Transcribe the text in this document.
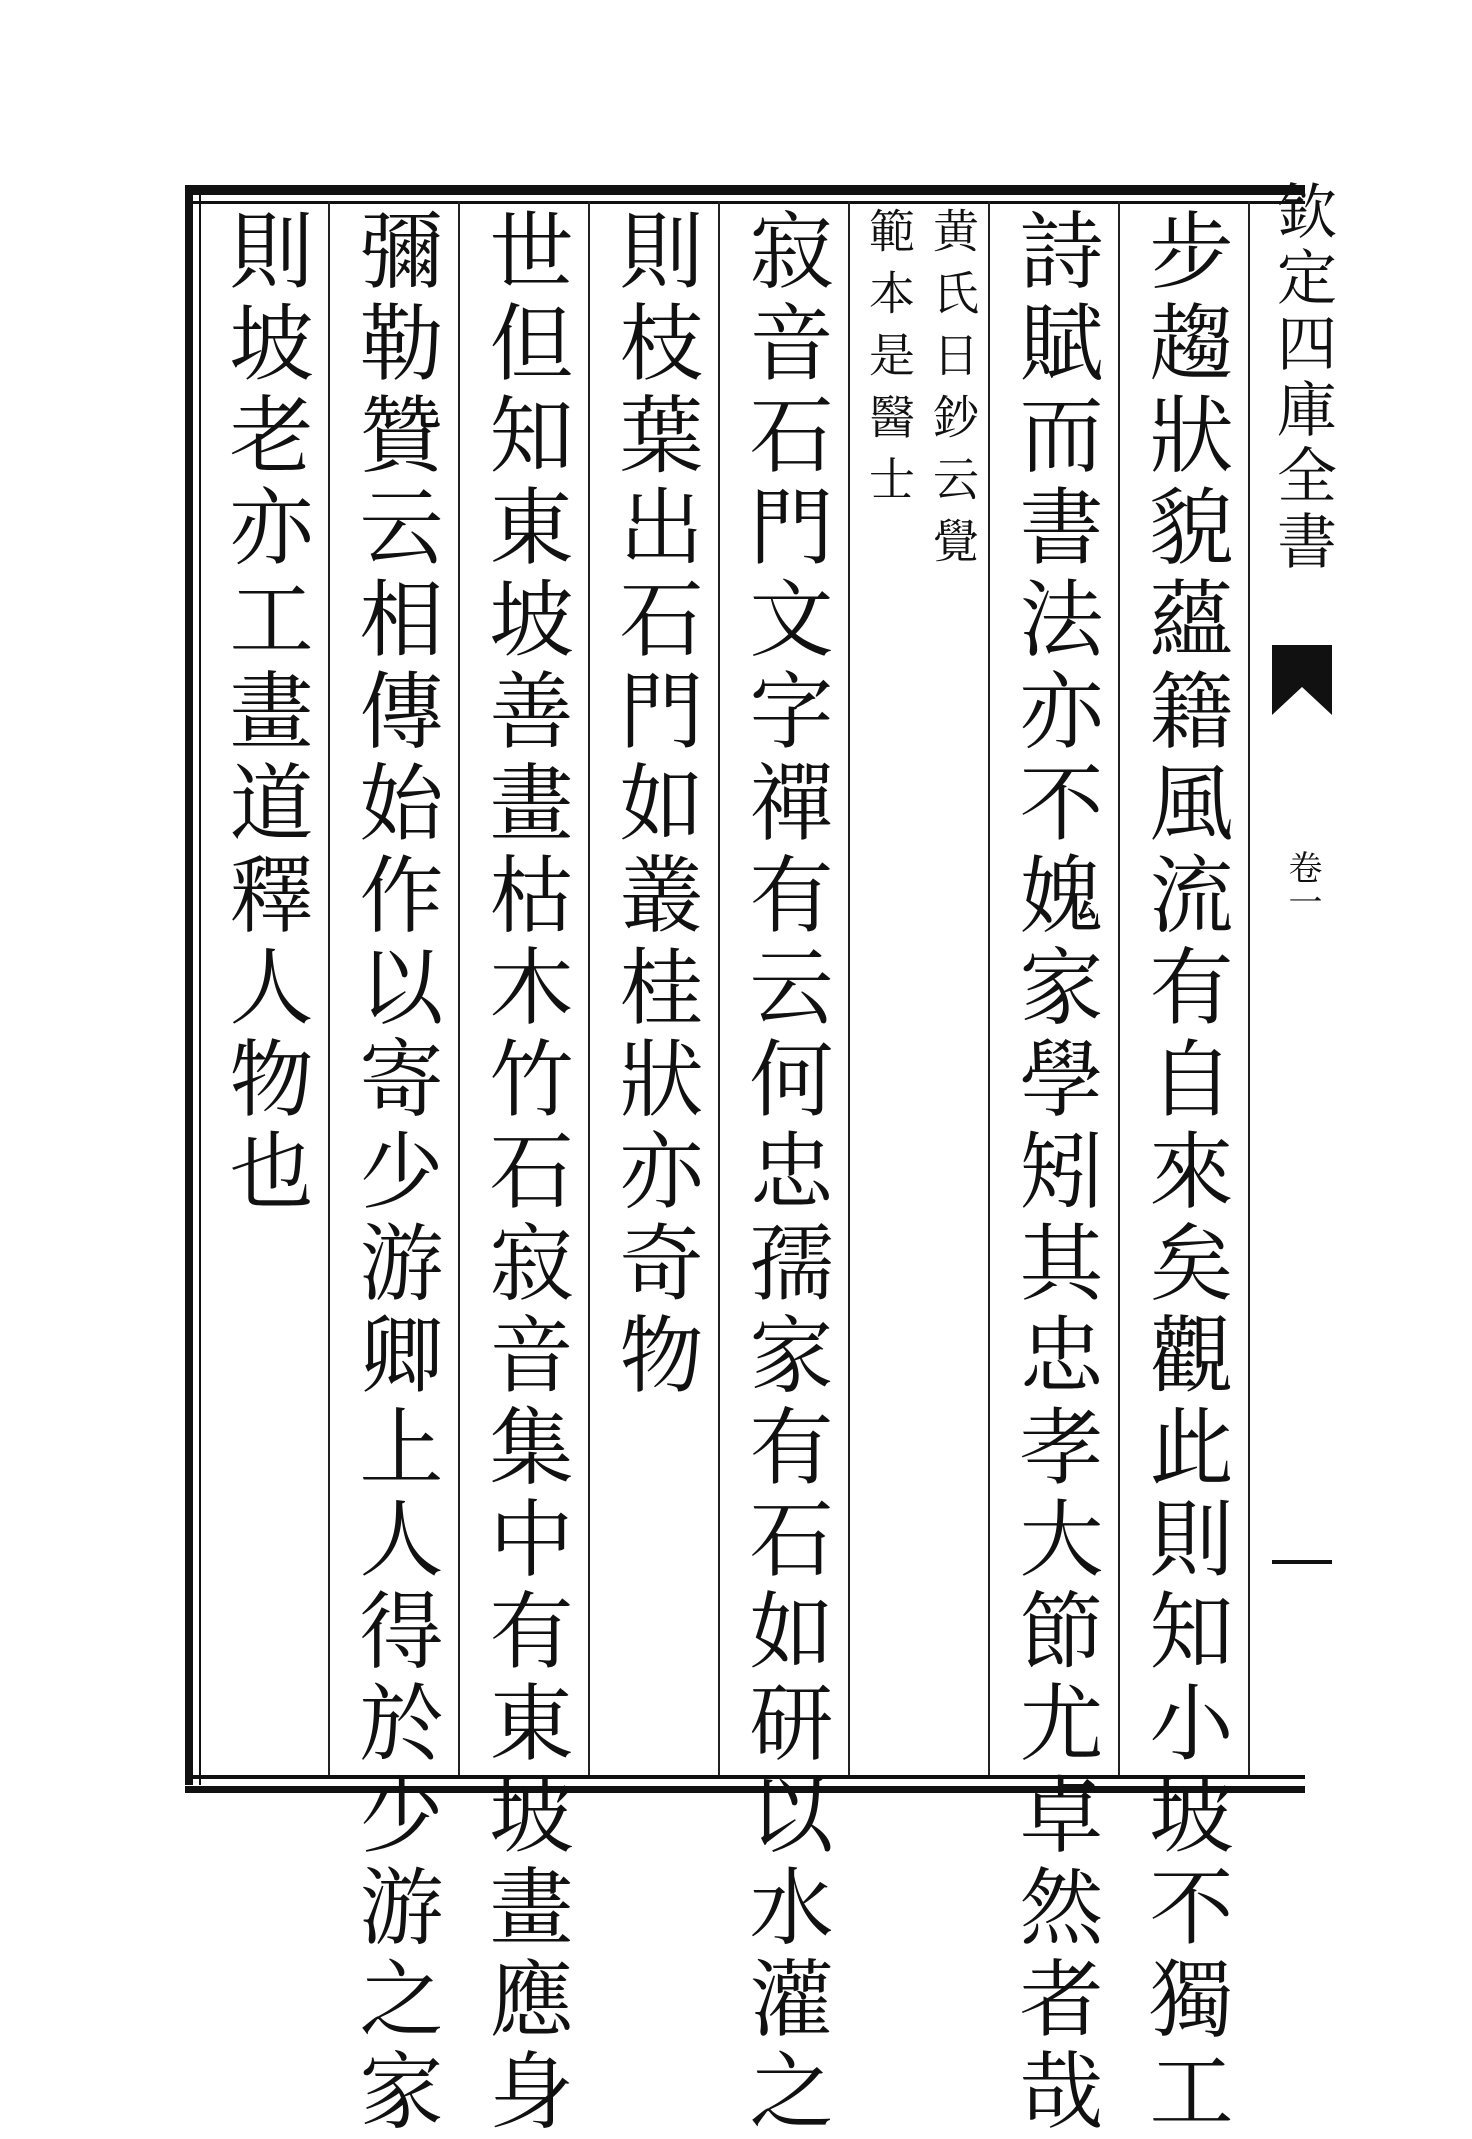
步趨狀貌蘊籍風流有自來矣觀此則知小坡不獨工
詩賦而書法亦不媿家學矧其忠孝大節尤卓然者哉
黄氏日鈔云覺
範本是醫士
寂音石門文字禪有云何忠孺家有石如研以水灌之
則枝葉出石門如叢桂狀亦奇物
世但知東坡善畫枯木竹石寂音集中有東坡畫應身
彌勒贊云相傳始作以寄少游卿上人得於少游之家
則坡老亦工畫道釋人物也	欽定四庫全書
卷一
